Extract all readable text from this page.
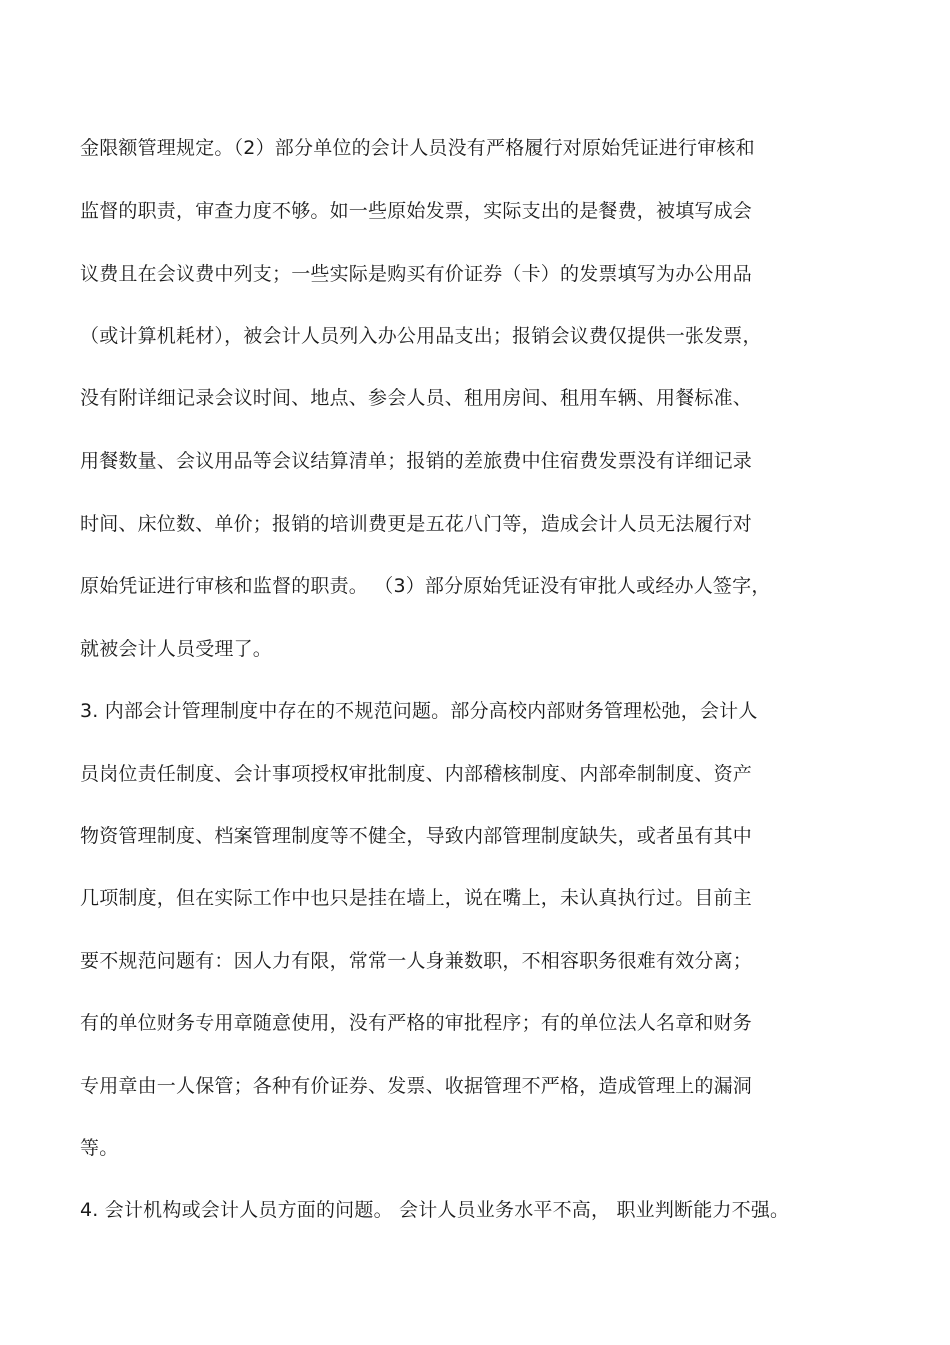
金限额管理规定。（2）部分单位的会计人员没有严格履行对原始凭证进行审核和
监督的职责，审查力度不够。如一些原始发票，实际支出的是餐费，被填写成会
议费且在会议费中列支；一些实际是购买有价证券（卡）的发票填写为办公用品
（或计算机耗材），被会计人员列入办公用品支出；报销会议费仅提供一张发票，
没有附详细记录会议时间、地点、参会人员、租用房间、租用车辆、用餐标准、
用餐数量、会议用品等会议结算清单；报销的差旅费中住宿费发票没有详细记录
时间、床位数、单价；报销的培训费更是五花八门等，造成会计人员无法履行对
原始凭证进行审核和监督的职责。 （3）部分原始凭证没有审批人或经办人签字，
就被会计人员受理了。
3. 内部会计管理制度中存在的不规范问题。部分高校内部财务管理松弛，会计人
员岗位责任制度、会计事项授权审批制度、内部稽核制度、内部牵制制度、资产
物资管理制度、档案管理制度等不健全，导致内部管理制度缺失，或者虽有其中
几项制度，但在实际工作中也只是挂在墙上，说在嘴上，未认真执行过。目前主
要不规范问题有：因人力有限，常常一人身兼数职，不相容职务很难有效分离；
有的单位财务专用章随意使用，没有严格的审批程序；有的单位法人名章和财务
专用章由一人保管；各种有价证券、发票、收据管理不严格，造成管理上的漏洞
等。
4. 会计机构或会计人员方面的问题。 会计人员业务水平不高， 职业判断能力不强。
